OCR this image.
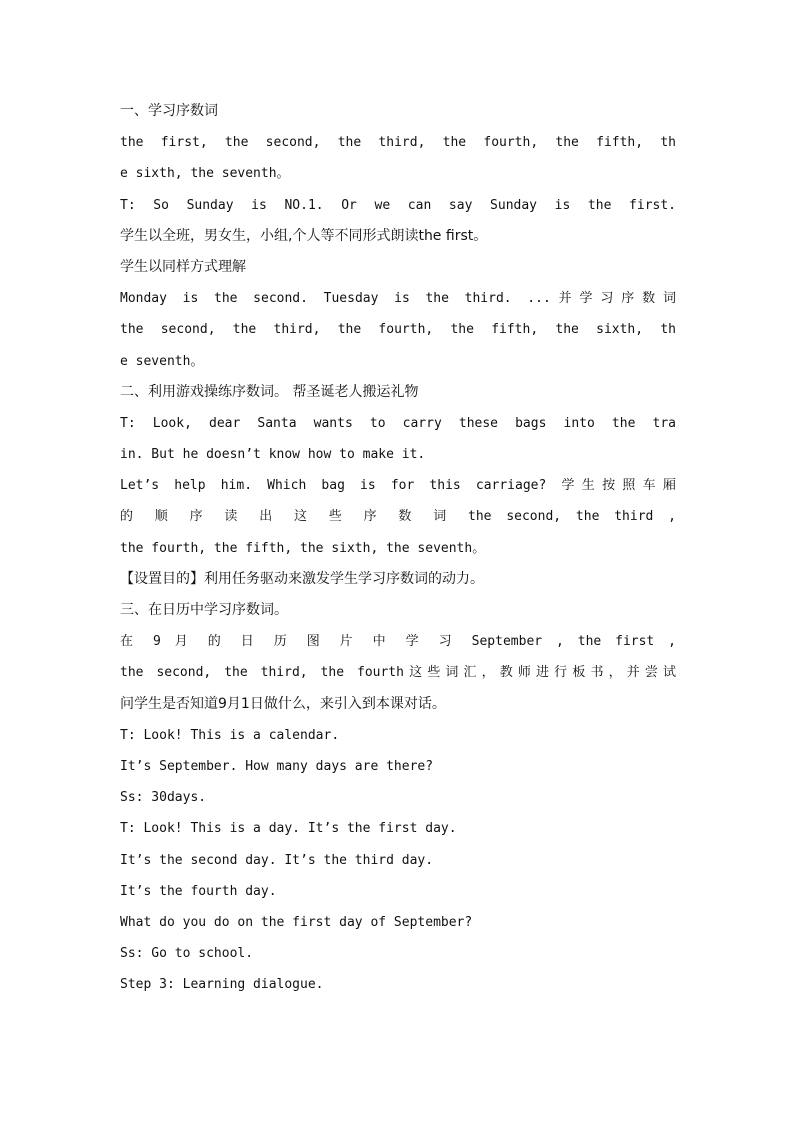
一、学习序数词
the first, the second, the third, the fourth, the fifth, th
e sixth, the seventh。
T: So Sunday is NO.1. Or we can say Sunday is the first.
学生以全班，男女生，小组,个人等不同形式朗读the first。
学生以同样方式理解
Monday is the second. Tuesday is the third. ...并学习序数词
the second, the third, the fourth, the fifth, the sixth, th
e seventh。
二、利用游戏操练序数词。 帮圣诞老人搬运礼物
T: Look, dear Santa wants to carry these bags into the tra
in. But he doesn’t know how to make it.
Let’s help him. Which bag is for this carriage? 学生按照车厢
的 顺 序 读 出 这 些 序 数 词 the second, the third ,
the fourth, the fifth, the sixth, the seventh。
【设置目的】利用任务驱动来激发学生学习序数词的动力。
三、在日历中学习序数词。
在 9 月 的 日 历 图 片 中 学 习 September , the first ,
the second, the third, the fourth这些词汇，教师进行板书，并尝试
问学生是否知道9月1日做什么，来引入到本课对话。
T: Look! This is a calendar.
It’s September. How many days are there?
Ss: 30days.
T: Look! This is a day. It’s the first day.
It’s the second day. It’s the third day.
It’s the fourth day.
What do you do on the first day of September?
Ss: Go to school.
Step 3: Learning dialogue.
